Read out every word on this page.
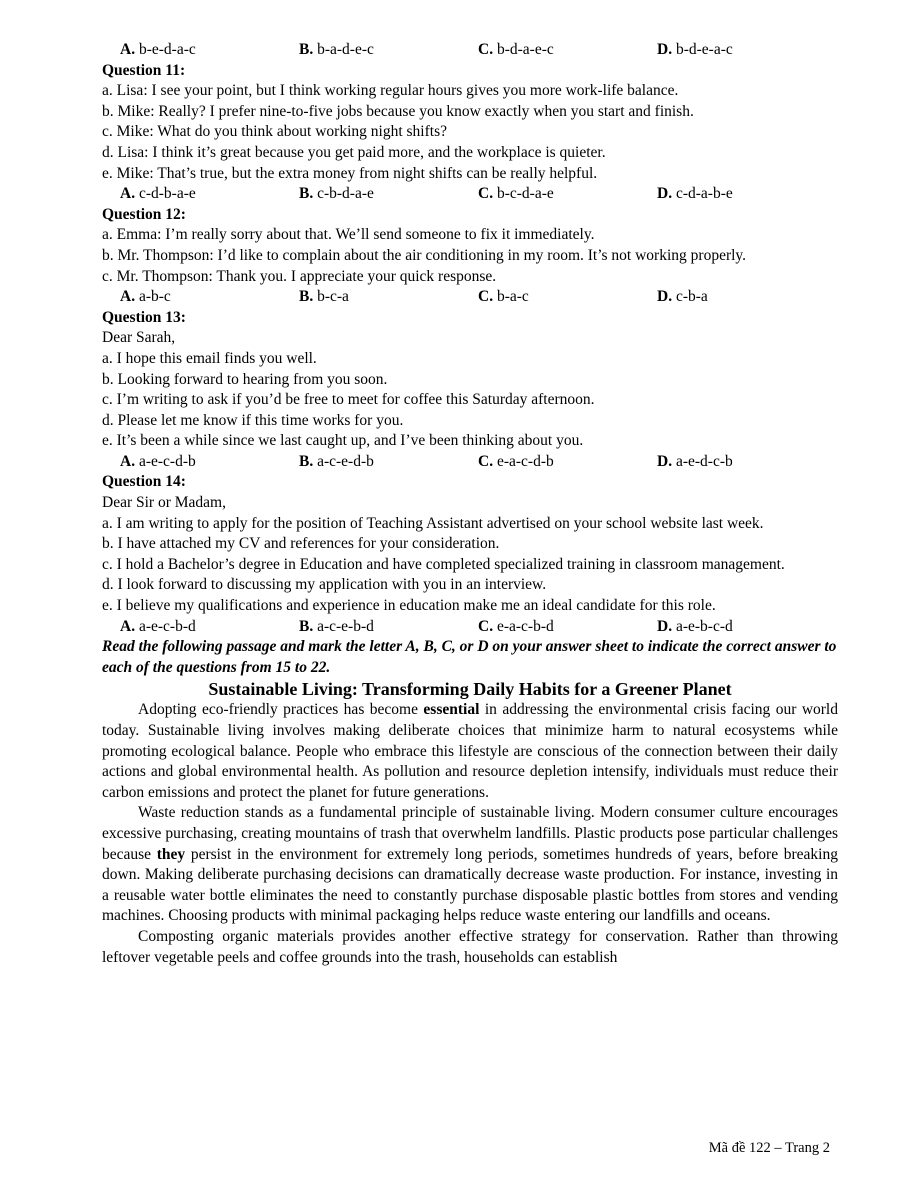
A. b-e-d-a-c	B. b-a-d-e-c	C. b-d-a-e-c	D. b-d-e-a-c
Question 11:
a. Lisa: I see your point, but I think working regular hours gives you more work-life balance.
b. Mike: Really? I prefer nine-to-five jobs because you know exactly when you start and finish.
c. Mike: What do you think about working night shifts?
d. Lisa: I think it’s great because you get paid more, and the workplace is quieter.
e. Mike: That’s true, but the extra money from night shifts can be really helpful.
A. c-d-b-a-e	B. c-b-d-a-e	C. b-c-d-a-e	D. c-d-a-b-e
Question 12:
a. Emma: I’m really sorry about that. We’ll send someone to fix it immediately.
b. Mr. Thompson: I’d like to complain about the air conditioning in my room. It’s not working properly.
c. Mr. Thompson: Thank you. I appreciate your quick response.
A. a-b-c	B. b-c-a	C. b-a-c	D. c-b-a
Question 13:
Dear Sarah,
a. I hope this email finds you well.
b. Looking forward to hearing from you soon.
c. I’m writing to ask if you’d be free to meet for coffee this Saturday afternoon.
d. Please let me know if this time works for you.
e. It’s been a while since we last caught up, and I’ve been thinking about you.
A. a-e-c-d-b	B. a-c-e-d-b	C. e-a-c-d-b	D. a-e-d-c-b
Question 14:
Dear Sir or Madam,
a. I am writing to apply for the position of Teaching Assistant advertised on your school website last week.
b. I have attached my CV and references for your consideration.
c. I hold a Bachelor’s degree in Education and have completed specialized training in classroom management.
d. I look forward to discussing my application with you in an interview.
e. I believe my qualifications and experience in education make me an ideal candidate for this role.
A. a-e-c-b-d	B. a-c-e-b-d	C. e-a-c-b-d	D. a-e-b-c-d
Read the following passage and mark the letter A, B, C, or D on your answer sheet to indicate the correct answer to each of the questions from 15 to 22.
Sustainable Living: Transforming Daily Habits for a Greener Planet
Adopting eco-friendly practices has become essential in addressing the environmental crisis facing our world today. Sustainable living involves making deliberate choices that minimize harm to natural ecosystems while promoting ecological balance. People who embrace this lifestyle are conscious of the connection between their daily actions and global environmental health. As pollution and resource depletion intensify, individuals must reduce their carbon emissions and protect the planet for future generations.
Waste reduction stands as a fundamental principle of sustainable living. Modern consumer culture encourages excessive purchasing, creating mountains of trash that overwhelm landfills. Plastic products pose particular challenges because they persist in the environment for extremely long periods, sometimes hundreds of years, before breaking down. Making deliberate purchasing decisions can dramatically decrease waste production. For instance, investing in a reusable water bottle eliminates the need to constantly purchase disposable plastic bottles from stores and vending machines. Choosing products with minimal packaging helps reduce waste entering our landfills and oceans.
Composting organic materials provides another effective strategy for conservation. Rather than throwing leftover vegetable peels and coffee grounds into the trash, households can establish
Mã đề 122 – Trang 2
